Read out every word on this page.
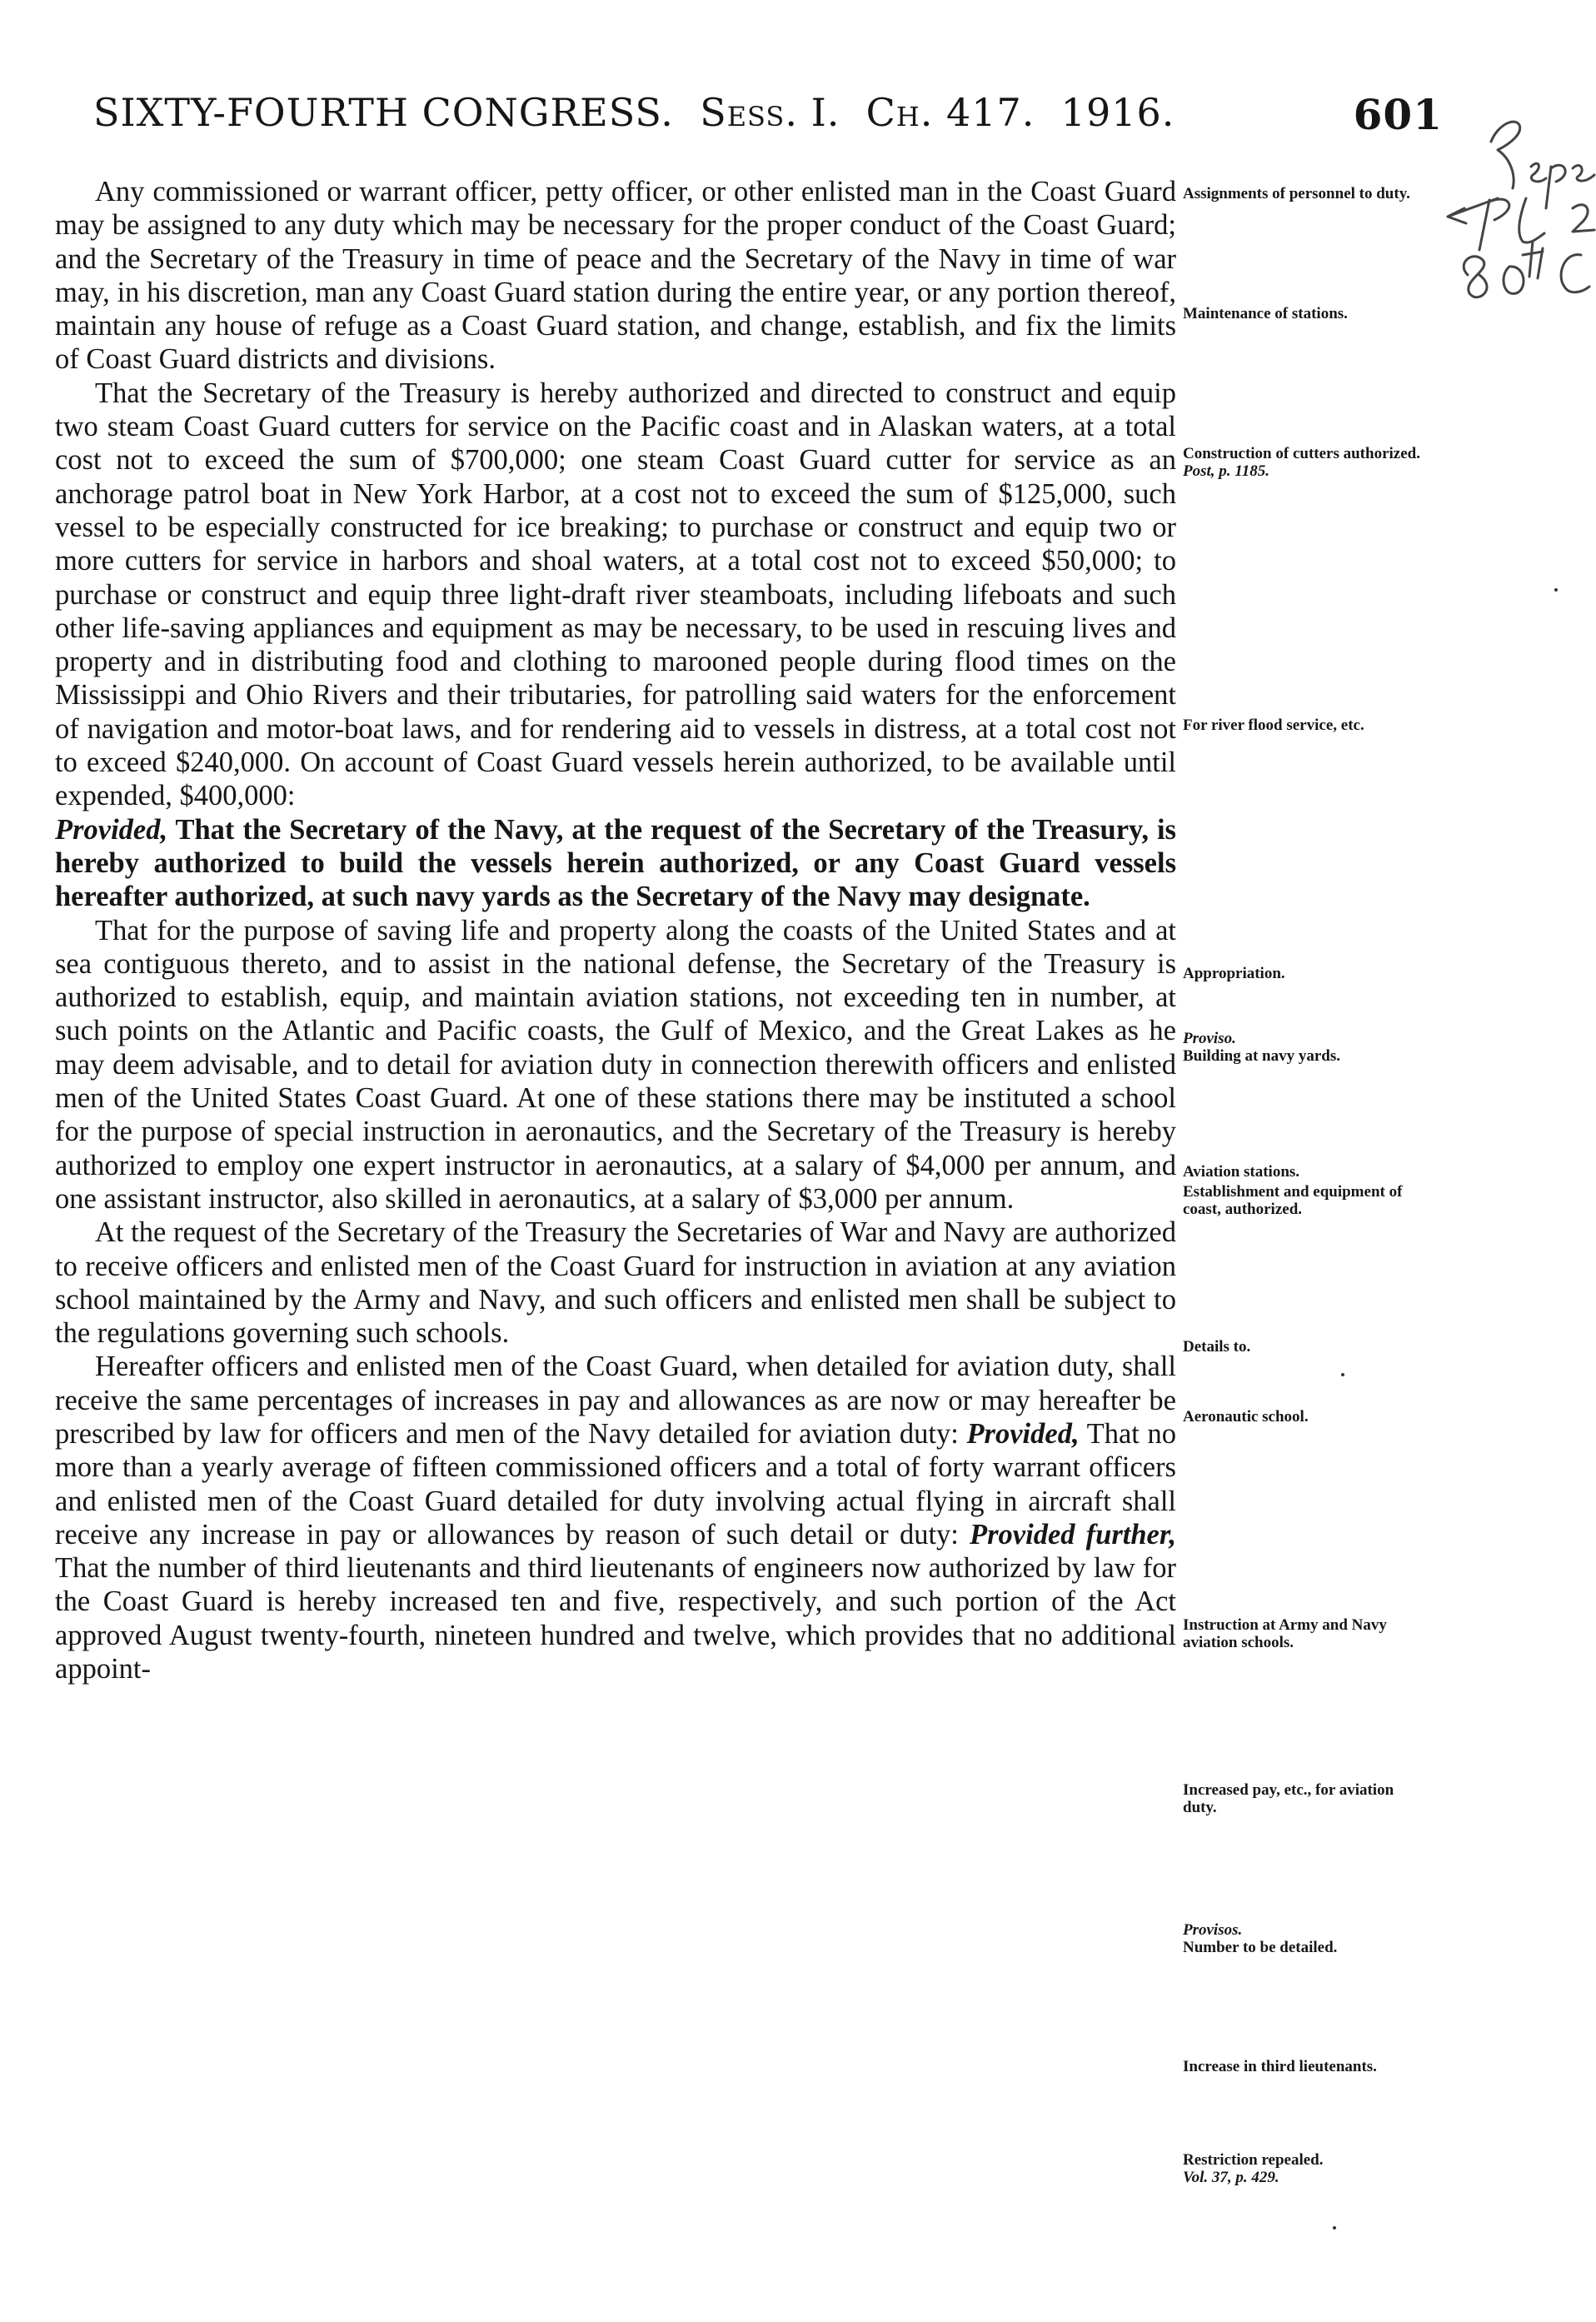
SIXTY-FOURTH CONGRESS. Sess. I. Ch. 417. 1916.	601

Any commissioned or warrant officer, petty officer, or other enlisted man in the Coast Guard may be assigned to any duty which may be necessary for the proper conduct of the Coast Guard; and the Secretary of the Treasury in time of peace and the Secretary of the Navy in time of war may, in his discretion, man any Coast Guard station during the entire year, or any portion thereof, maintain any house of refuge as a Coast Guard station, and change, establish, and fix the limits of Coast Guard districts and divisions.

That the Secretary of the Treasury is hereby authorized and directed to construct and equip two steam Coast Guard cutters for service on the Pacific coast and in Alaskan waters, at a total cost not to exceed the sum of $700,000; one steam Coast Guard cutter for service as an anchorage patrol boat in New York Harbor, at a cost not to exceed the sum of $125,000, such vessel to be especially constructed for ice breaking; to purchase or construct and equip two or more cutters for service in harbors and shoal waters, at a total cost not to exceed $50,000; to purchase or construct and equip three light-draft river steamboats, including lifeboats and such other life-saving appliances and equipment as may be necessary, to be used in rescuing lives and property and in distributing food and clothing to marooned people during flood times on the Mississippi and Ohio Rivers and their tributaries, for patrolling said waters for the enforcement of navigation and motor-boat laws, and for rendering aid to vessels in distress, at a total cost not to exceed $240,000. On account of Coast Guard vessels herein authorized, to be available until expended, $400,000:
Provided, That the Secretary of the Navy, at the request of the Secretary of the Treasury, is hereby authorized to build the vessels herein authorized, or any Coast Guard vessels hereafter authorized, at such navy yards as the Secretary of the Navy may designate.

That for the purpose of saving life and property along the coasts of the United States and at sea contiguous thereto, and to assist in the national defense, the Secretary of the Treasury is authorized to establish, equip, and maintain aviation stations, not exceeding ten in number, at such points on the Atlantic and Pacific coasts, the Gulf of Mexico, and the Great Lakes as he may deem advisable, and to detail for aviation duty in connection therewith officers and enlisted men of the United States Coast Guard. At one of these stations there may be instituted a school for the purpose of special instruction in aeronautics, and the Secretary of the Treasury is hereby authorized to employ one expert instructor in aeronautics, at a salary of $4,000 per annum, and one assistant instructor, also skilled in aeronautics, at a salary of $3,000 per annum.

At the request of the Secretary of the Treasury the Secretaries of War and Navy are authorized to receive officers and enlisted men of the Coast Guard for instruction in aviation at any aviation school maintained by the Army and Navy, and such officers and enlisted men shall be subject to the regulations governing such schools.

Hereafter officers and enlisted men of the Coast Guard, when detailed for aviation duty, shall receive the same percentages of increases in pay and allowances as are now or may hereafter be prescribed by law for officers and men of the Navy detailed for aviation duty: Provided, That no more than a yearly average of fifteen commissioned officers and a total of forty warrant officers and enlisted men of the Coast Guard detailed for duty involving actual flying in aircraft shall receive any increase in pay or allowances by reason of such detail or duty: Provided further, That the number of third lieutenants and third lieutenants of engineers now authorized by law for the Coast Guard is hereby increased ten and five, respectively, and such portion of the Act approved August twenty-fourth, nineteen hundred and twelve, which provides that no additional appoint-

Assignments of personnel to duty.
Maintenance of stations.
Construction of cutters authorized.
Post, p. 1185.
For river flood service, etc.
Appropriation.
Proviso.
Building at navy yards.
Aviation stations.
Establishment and equipment of coast, authorized.
Details to.
Aeronautic school.
Instruction at Army and Navy aviation schools.
Increased pay, etc., for aviation duty.
Provisos.
Number to be detailed.
Increase in third lieutenants.
Restriction repealed.
Vol. 37, p. 429.
